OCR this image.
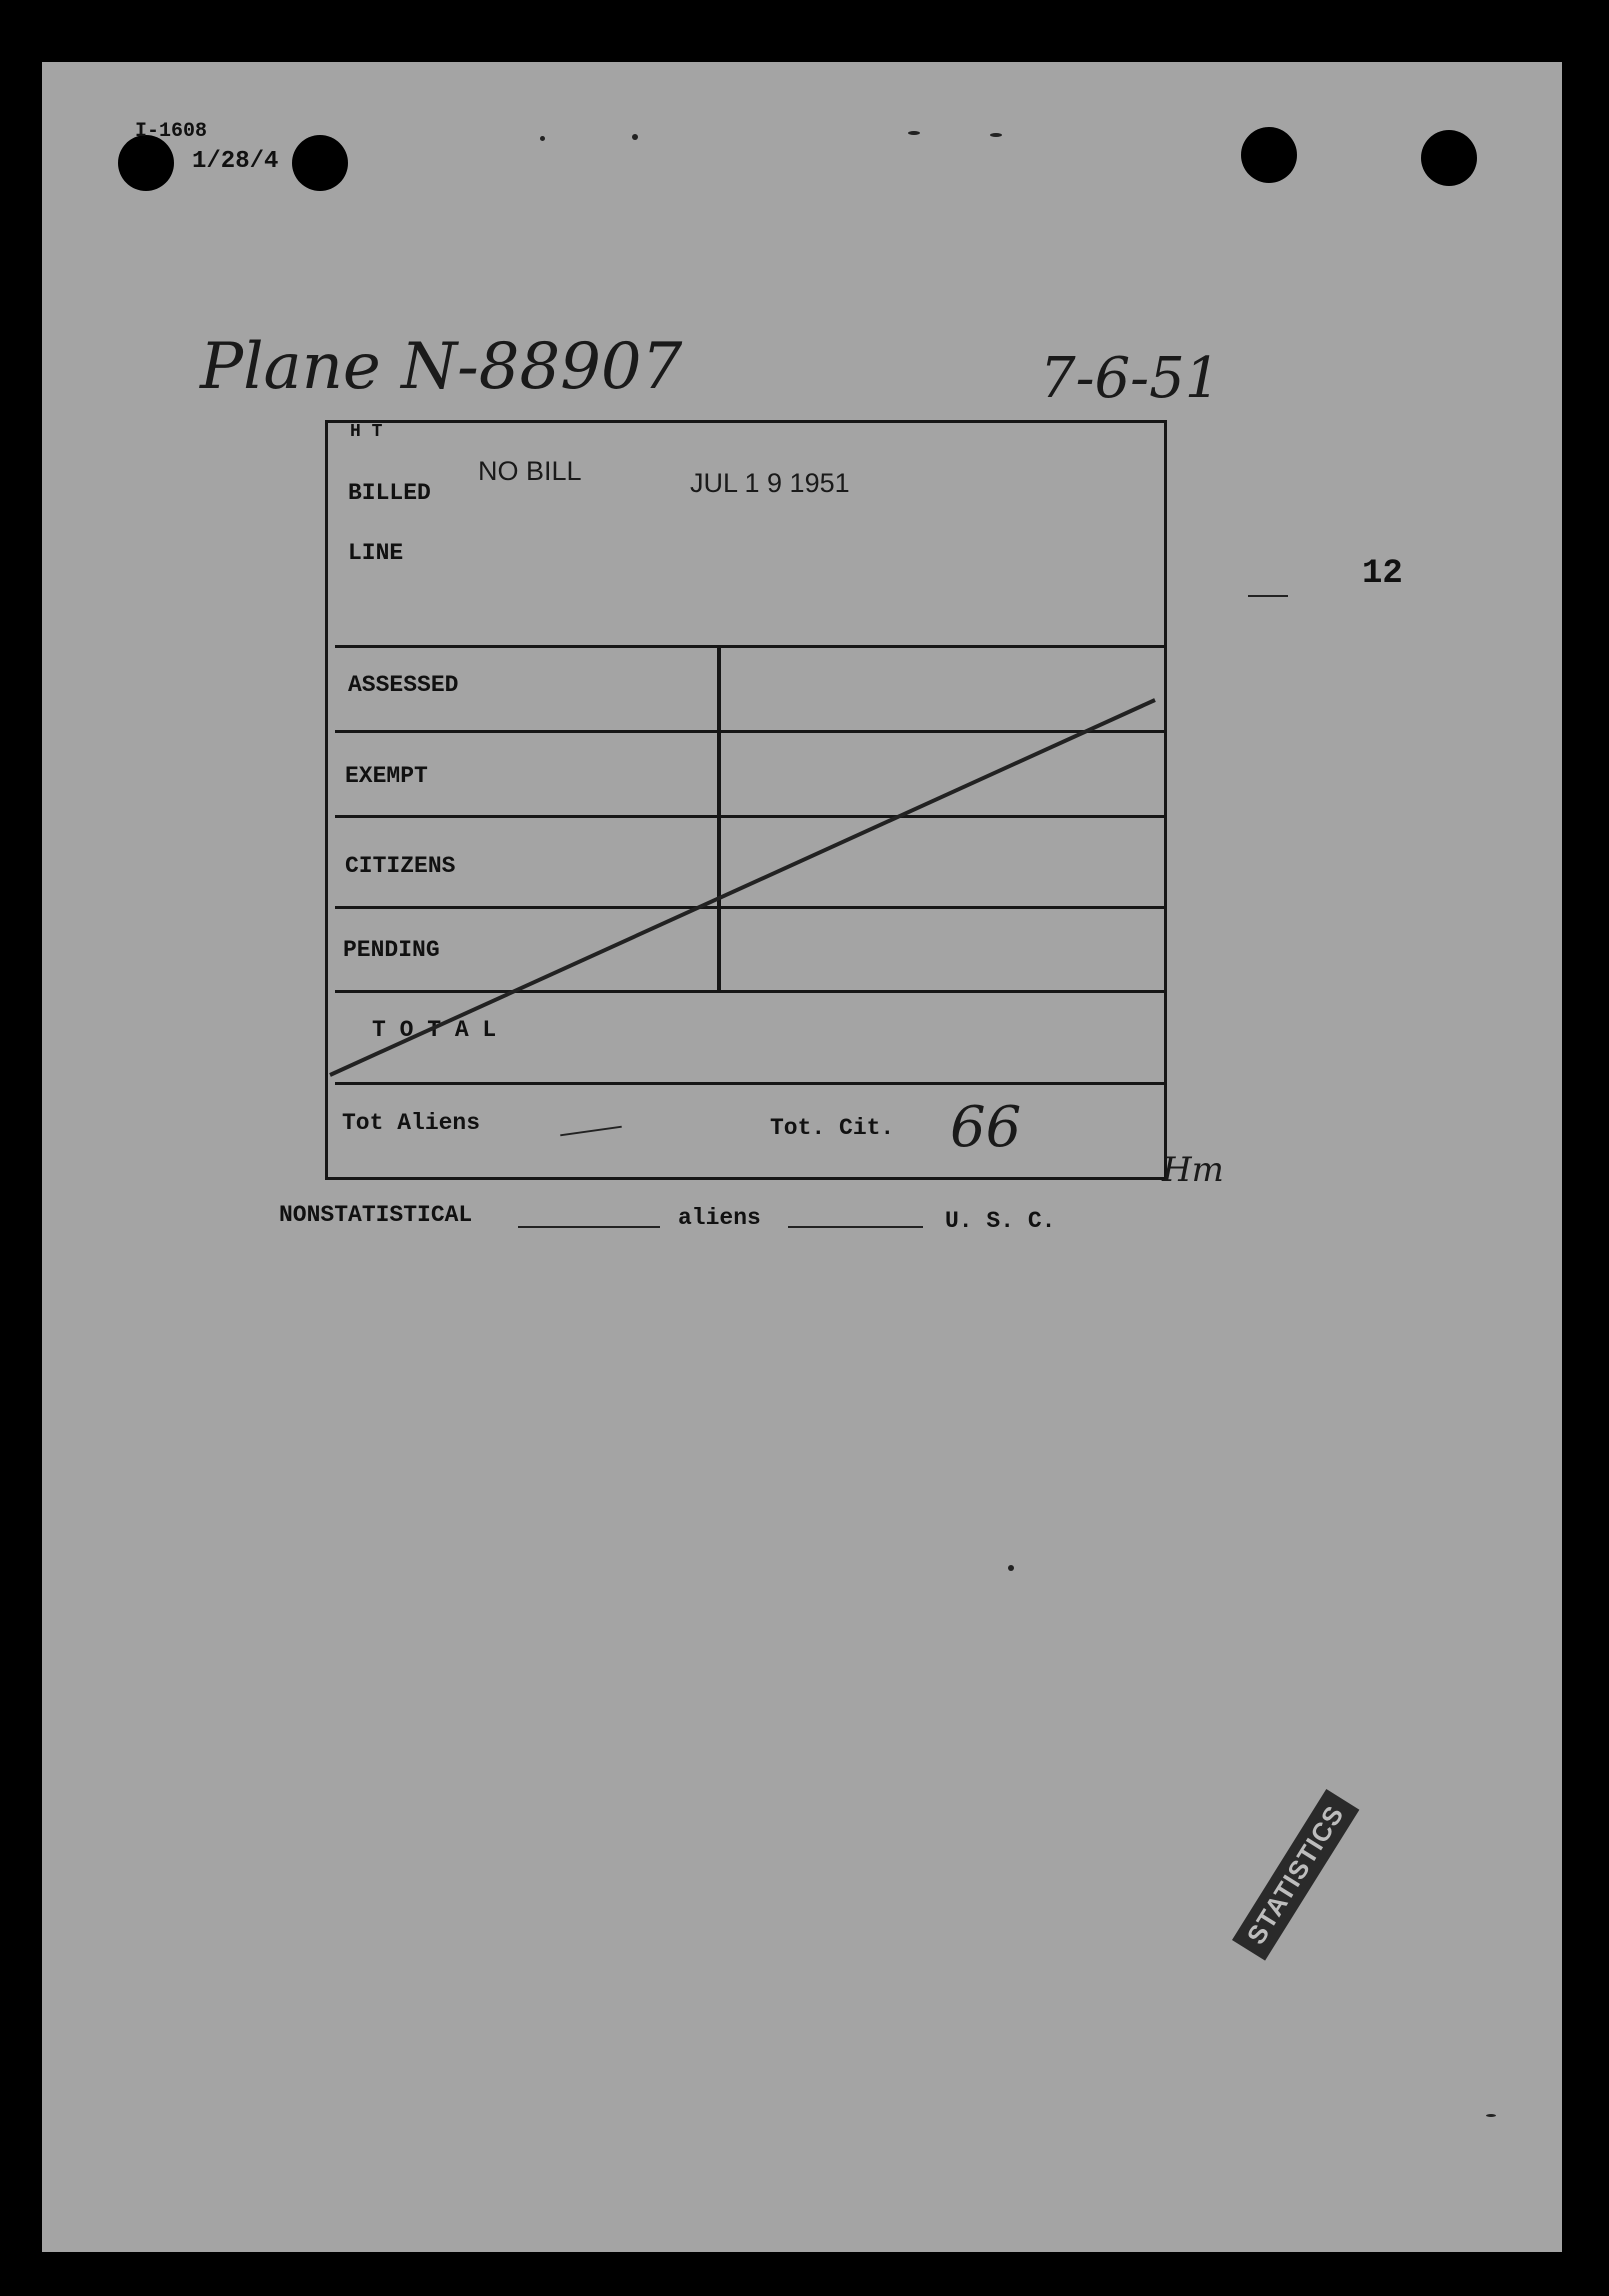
I-1608
1/28/4
Plane N-88907	7-6-51
12
H T
BILLED
LINE
NO BILL	JUL 1 9 1951
ASSESSED
EXEMPT
CITIZENS
PENDING
T O T A L
Tot Aliens	Tot. Cit. 66
Hm
NONSTATISTICAL	aliens	U. S. C.
STATISTICS
